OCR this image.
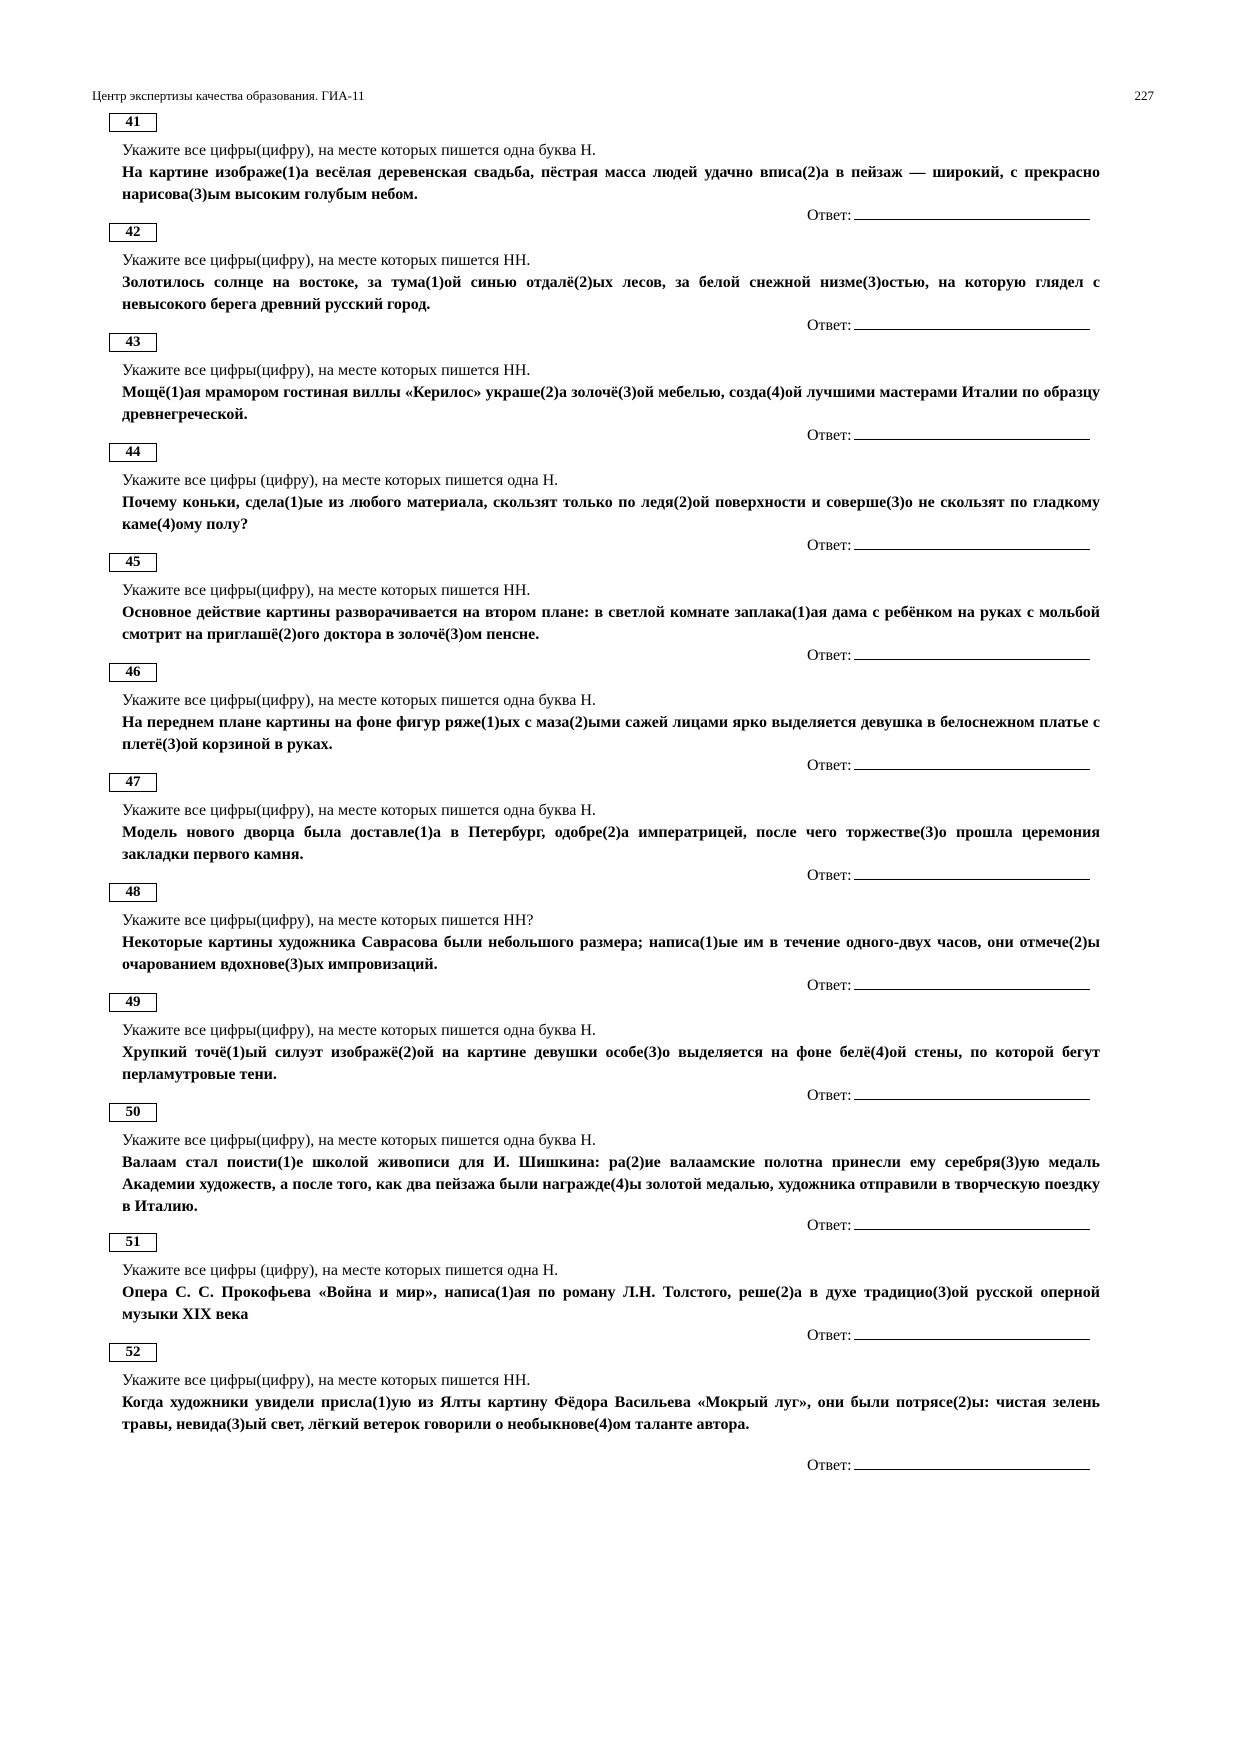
Центр экспертизы качества образования. ГИА-11	227
41
Укажите все цифры(цифру), на месте которых пишется одна буква Н.

На картине изображе(1)а весёлая деревенская свадьба, пёстрая масса людей удачно вписа(2)а в пейзаж — широкий, с прекрасно нарисова(3)ым высоким голубым небом.

Ответ:
42
Укажите все цифры(цифру), на месте которых пишется НН.

Золотилось солнце на востоке, за тума(1)ой синью отдалё(2)ых лесов, за белой снежной низме(3)остью, на которую глядел с невысокого берега древний русский город.

Ответ:
43
Укажите все цифры(цифру), на месте которых пишется НН.

Мощё(1)ая мрамором гостиная виллы «Керилос» украше(2)а золочё(3)ой мебелью, созда(4)ой лучшими мастерами Италии по образцу древнегреческой.

Ответ:
44
Укажите все цифры (цифру), на месте которых пишется одна Н.

Почему коньки, сдела(1)ые из любого материала, скользят только по ледя(2)ой поверхности и соверше(3)о не скользят по гладкому каме(4)ому полу?

Ответ:
45
Укажите все цифры(цифру), на месте которых пишется НН.

Основное действие картины разворачивается на втором плане: в светлой комнате заплака(1)ая дама с ребёнком на руках с мольбой смотрит на приглашё(2)ого доктора в золочё(3)ом пенсне.

Ответ:
46
Укажите все цифры(цифру), на месте которых пишется одна буква Н.

На переднем плане картины на фоне фигур ряже(1)ых с маза(2)ыми сажей лицами ярко выделяется девушка в белоснежном платье с плетё(3)ой корзиной в руках.

Ответ:
47
Укажите все цифры(цифру), на месте которых пишется одна буква Н.

Модель нового дворца была доставле(1)а в Петербург, одобре(2)а императрицей, после чего торжестве(3)о прошла церемония закладки первого камня.

Ответ:
48
Укажите все цифры(цифру), на месте которых пишется НН?

Некоторые картины художника Саврасова были небольшого размера; написа(1)ые им в течение одного-двух часов, они отмече(2)ы очарованием вдохнове(3)ых импровизаций.

Ответ:
49
Укажите все цифры(цифру), на месте которых пишется одна буква Н.

Хрупкий точё(1)ый силуэт изображё(2)ой на картине девушки особе(3)о выделяется на фоне белё(4)ой стены, по которой бегут перламутровые тени.

Ответ:
50
Укажите все цифры(цифру), на месте которых пишется одна буква Н.

Валаам стал поисти(1)е школой живописи для И. Шишкина: ра(2)ие валаамские полотна принесли ему серебря(3)ую медаль Академии художеств, а после того, как два пейзажа были награжде(4)ы золотой медалью, художника отправили в творческую поездку в Италию.

Ответ:
51
Укажите все цифры (цифру), на месте которых пишется одна Н.

Опера С. С. Прокофьева «Война и мир», написа(1)ая по роману Л.Н. Толстого, реше(2)а в духе традицио(3)ой русской оперной музыки XIX века

Ответ:
52
Укажите все цифры(цифру), на месте которых пишется НН.

Когда художники увидели присла(1)ую из Ялты картину Фёдора Васильева «Мокрый луг», они были потрясе(2)ы: чистая зелень травы, невида(3)ый свет, лёгкий ветерок говорили о необыкнове(4)ом таланте автора.

Ответ:
